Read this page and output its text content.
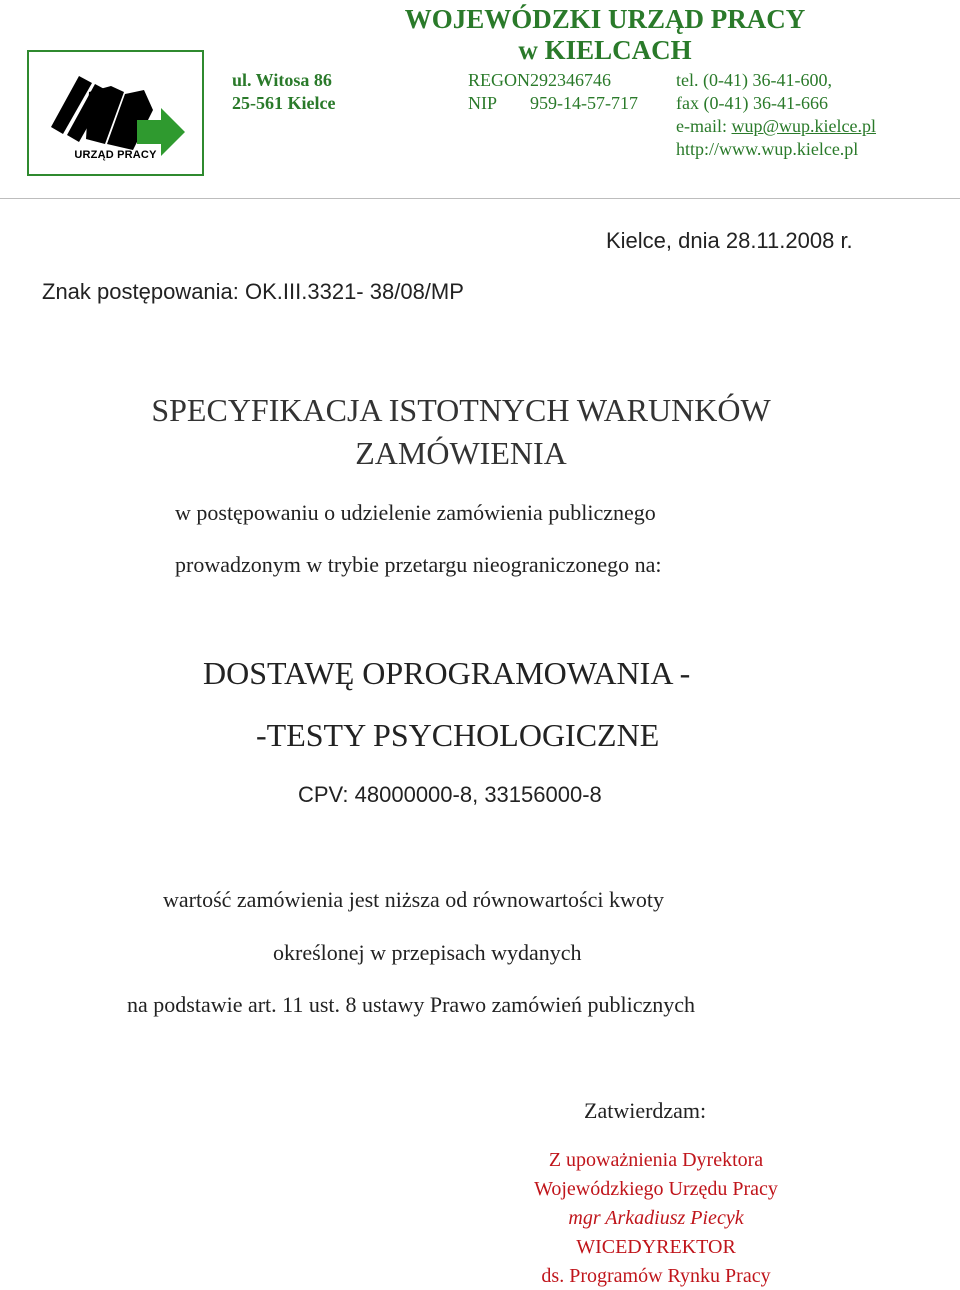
URZĄD PRACY
WOJEWÓDZKI URZĄD PRACY
w KIELCACH
ul. Witosa 86
25-561 Kielce
REGON292346746
NIP 959-14-57-717
tel. (0-41) 36-41-600,
fax (0-41) 36-41-666
e-mail: wup@wup.kielce.pl
http://www.wup.kielce.pl
Kielce, dnia 28.11.2008 r.
Znak postępowania: OK.III.3321- 38/08/MP
SPECYFIKACJA ISTOTNYCH WARUNKÓW
ZAMÓWIENIA
w postępowaniu o udzielenie zamówienia publicznego
prowadzonym w trybie przetargu nieograniczonego na:
DOSTAWĘ OPROGRAMOWANIA -
-TESTY PSYCHOLOGICZNE
CPV: 48000000-8, 33156000-8
wartość zamówienia jest niższa od równowartości kwoty
określonej w przepisach wydanych
na podstawie art. 11 ust. 8 ustawy Prawo zamówień publicznych
Zatwierdzam:
Z upoważnienia Dyrektora
Wojewódzkiego Urzędu Pracy
mgr Arkadiusz Piecyk
WICEDYREKTOR
ds. Programów Rynku Pracy
